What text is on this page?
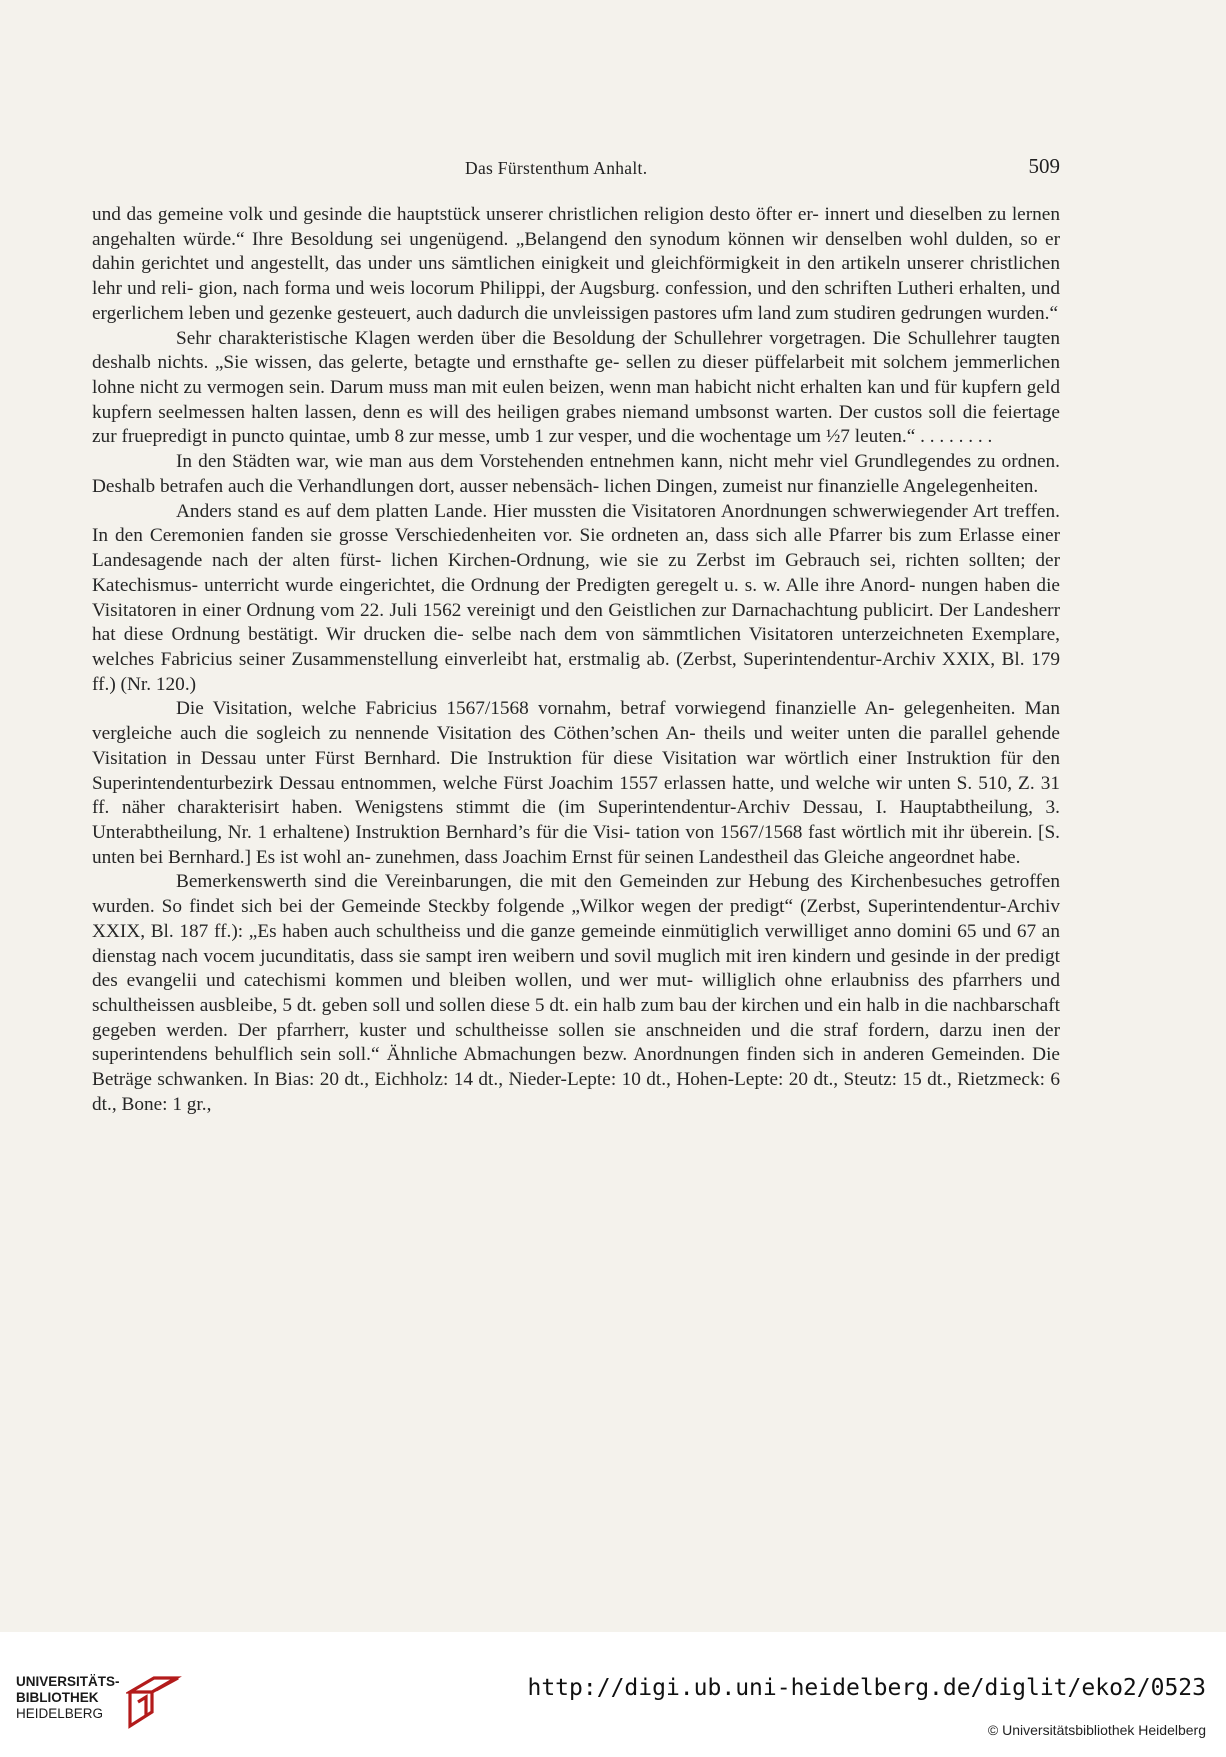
Das Fürstenthum Anhalt.	509

und das gemeine volk und gesinde die hauptstück unserer christlichen religion desto öfter er- innert und dieselben zu lernen angehalten würde.“ Ihre Besoldung sei ungenügend. „Belangend den synodum können wir denselben wohl dulden, so er dahin gerichtet und angestellt, das under uns sämtlichen einigkeit und gleichförmigkeit in den artikeln unserer christlichen lehr und reli- gion, nach forma und weis locorum Philippi, der Augsburg. confession, und den schriften Lutheri erhalten, und ergerlichem leben und gezenke gesteuert, auch dadurch die unvleissigen pastores ufm land zum studiren gedrungen wurden.“

Sehr charakteristische Klagen werden über die Besoldung der Schullehrer vorgetragen. Die Schullehrer taugten deshalb nichts. „Sie wissen, das gelerte, betagte und ernsthafte ge- sellen zu dieser püffelarbeit mit solchem jemmerlichen lohne nicht zu vermogen sein. Darum muss man mit eulen beizen, wenn man habicht nicht erhalten kan und für kupfern geld kupfern seelmessen halten lassen, denn es will des heiligen grabes niemand umbsonst warten. Der custos soll die feiertage zur fruepredigt in puncto quintae, umb 8 zur messe, umb 1 zur vesper, und die wochentage um ½7 leuten.“ . . . . . . . .

In den Städten war, wie man aus dem Vorstehenden entnehmen kann, nicht mehr viel Grundlegendes zu ordnen. Deshalb betrafen auch die Verhandlungen dort, ausser nebensäch- lichen Dingen, zumeist nur finanzielle Angelegenheiten.

Anders stand es auf dem platten Lande. Hier mussten die Visitatoren Anordnungen schwerwiegender Art treffen. In den Ceremonien fanden sie grosse Verschiedenheiten vor. Sie ordneten an, dass sich alle Pfarrer bis zum Erlasse einer Landesagende nach der alten fürst- lichen Kirchen-Ordnung, wie sie zu Zerbst im Gebrauch sei, richten sollten; der Katechismus- unterricht wurde eingerichtet, die Ordnung der Predigten geregelt u. s. w. Alle ihre Anord- nungen haben die Visitatoren in einer Ordnung vom 22. Juli 1562 vereinigt und den Geistlichen zur Darnachachtung publicirt. Der Landesherr hat diese Ordnung bestätigt. Wir drucken die- selbe nach dem von sämmtlichen Visitatoren unterzeichneten Exemplare, welches Fabricius seiner Zusammenstellung einverleibt hat, erstmalig ab. (Zerbst, Superintendentur-Archiv XXIX, Bl. 179 ff.) (Nr. 120.)

Die Visitation, welche Fabricius 1567/1568 vornahm, betraf vorwiegend finanzielle An- gelegenheiten. Man vergleiche auch die sogleich zu nennende Visitation des Cöthen’schen An- theils und weiter unten die parallel gehende Visitation in Dessau unter Fürst Bernhard. Die Instruktion für diese Visitation war wörtlich einer Instruktion für den Superintendenturbezirk Dessau entnommen, welche Fürst Joachim 1557 erlassen hatte, und welche wir unten S. 510, Z. 31 ff. näher charakterisirt haben. Wenigstens stimmt die (im Superintendentur-Archiv Dessau, I. Hauptabtheilung, 3. Unterabtheilung, Nr. 1 erhaltene) Instruktion Bernhard’s für die Visi- tation von 1567/1568 fast wörtlich mit ihr überein. [S. unten bei Bernhard.] Es ist wohl an- zunehmen, dass Joachim Ernst für seinen Landestheil das Gleiche angeordnet habe.

Bemerkenswerth sind die Vereinbarungen, die mit den Gemeinden zur Hebung des Kirchenbesuches getroffen wurden. So findet sich bei der Gemeinde Steckby folgende „Wilkor wegen der predigt“ (Zerbst, Superintendentur-Archiv XXIX, Bl. 187 ff.): „Es haben auch schultheiss und die ganze gemeinde einmütiglich verwilliget anno domini 65 und 67 an dienstag nach vocem jucunditatis, dass sie sampt iren weibern und sovil muglich mit iren kindern und gesinde in der predigt des evangelii und catechismi kommen und bleiben wollen, und wer mut- williglich ohne erlaubniss des pfarrhers und schultheissen ausbleibe, 5 dt. geben soll und sollen diese 5 dt. ein halb zum bau der kirchen und ein halb in die nachbarschaft gegeben werden. Der pfarrherr, kuster und schultheisse sollen sie anschneiden und die straf fordern, darzu inen der superintendens behulflich sein soll.“ Ähnliche Abmachungen bezw. Anordnungen finden sich in anderen Gemeinden. Die Beträge schwanken. In Bias: 20 dt., Eichholz: 14 dt., Nieder-Lepte: 10 dt., Hohen-Lepte: 20 dt., Steutz: 15 dt., Rietzmeck: 6 dt., Bone: 1 gr.,

UNIVERSITÄTS-
BIBLIOTHEK
HEIDELBERG
http://digi.ub.uni-heidelberg.de/diglit/eko2/0523
© Universitätsbibliothek Heidelberg
